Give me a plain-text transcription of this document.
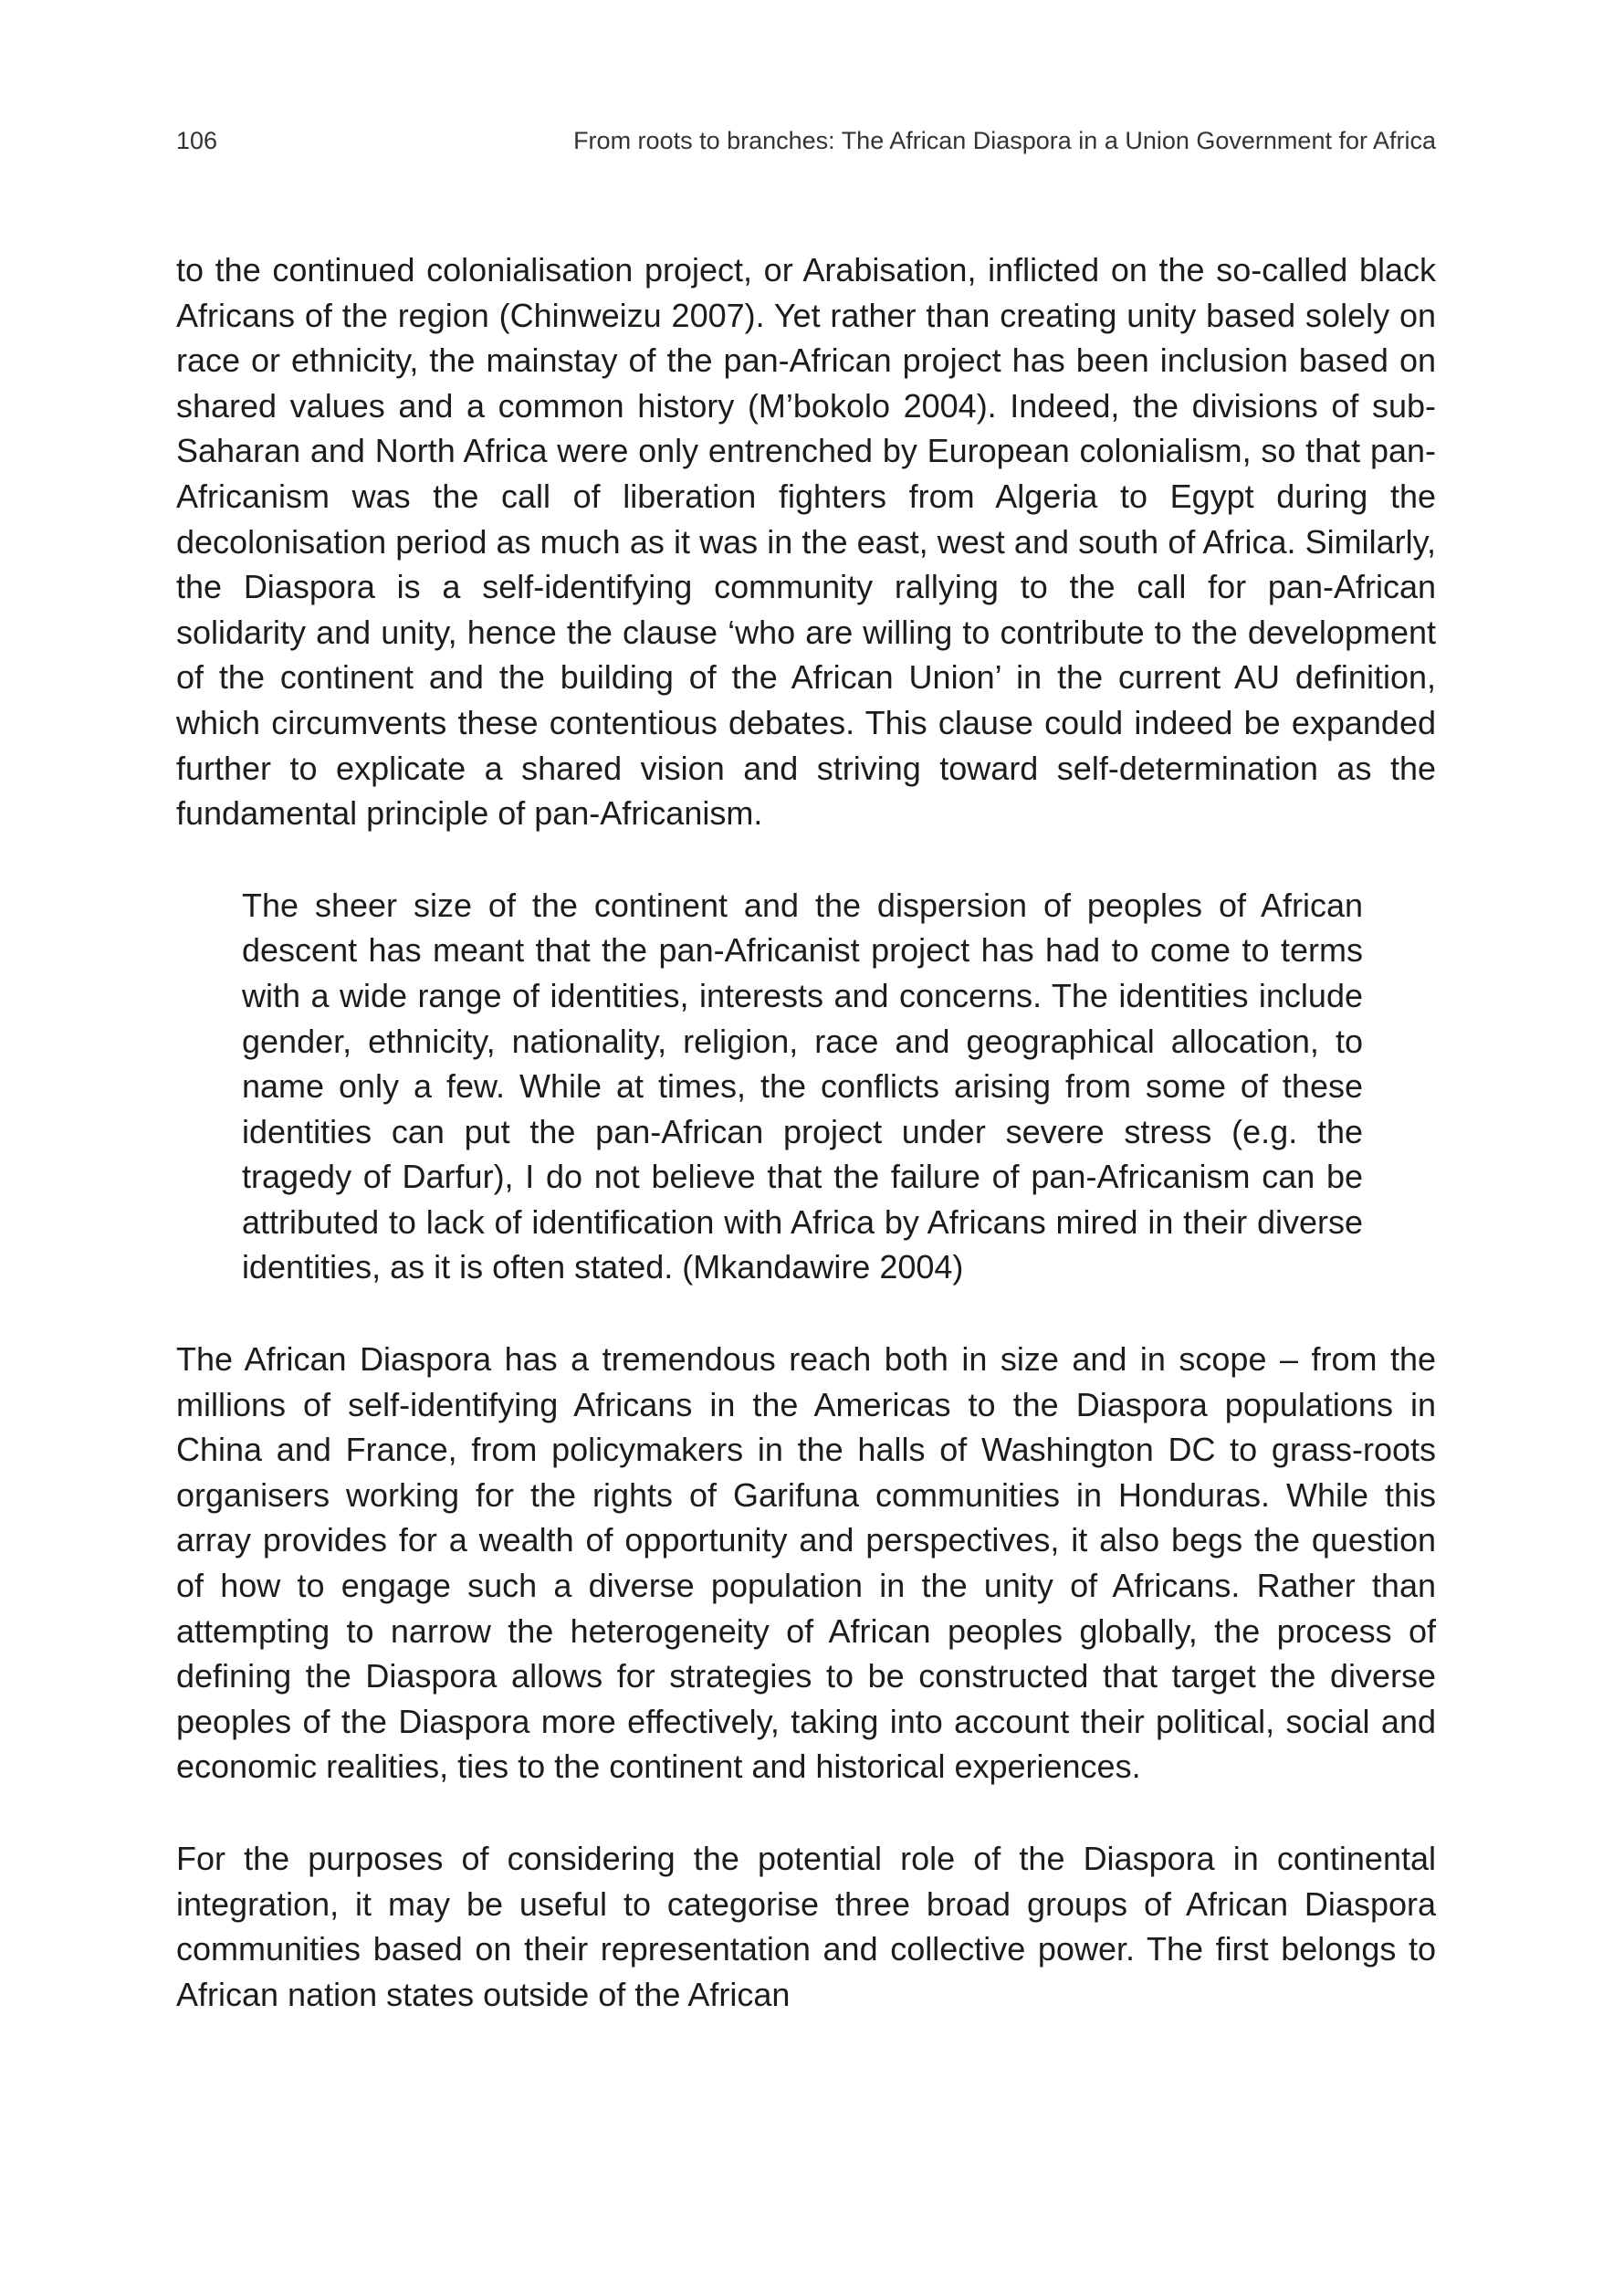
106	From roots to branches: The African Diaspora in a Union Government for Africa

to the continued colonialisation project, or Arabisation, inflicted on the so-called black Africans of the region (Chinweizu 2007). Yet rather than creating unity based solely on race or ethnicity, the mainstay of the pan-African project has been inclusion based on shared values and a common history (M’bokolo 2004). Indeed, the divisions of sub-Saharan and North Africa were only entrenched by European colonialism, so that pan-Africanism was the call of liberation fighters from Algeria to Egypt during the decolonisation period as much as it was in the east, west and south of Africa. Similarly, the Diaspora is a self-identifying community rallying to the call for pan-African solidarity and unity, hence the clause ‘who are willing to contribute to the development of the continent and the building of the African Union’ in the current AU definition, which circumvents these contentious debates. This clause could indeed be expanded further to explicate a shared vision and striving toward self-determination as the fundamental principle of pan-Africanism.

The sheer size of the continent and the dispersion of peoples of African descent has meant that the pan-Africanist project has had to come to terms with a wide range of identities, interests and concerns. The identities include gender, ethnicity, nationality, religion, race and geographical allocation, to name only a few. While at times, the conflicts arising from some of these identities can put the pan-African project under severe stress (e.g. the tragedy of Darfur), I do not believe that the failure of pan-Africanism can be attributed to lack of identification with Africa by Africans mired in their diverse identities, as it is often stated. (Mkandawire 2004)

The African Diaspora has a tremendous reach both in size and in scope – from the millions of self-identifying Africans in the Americas to the Diaspora populations in China and France, from policymakers in the halls of Washington DC to grass-roots organisers working for the rights of Garifuna communities in Honduras. While this array provides for a wealth of opportunity and perspectives, it also begs the question of how to engage such a diverse population in the unity of Africans. Rather than attempting to narrow the heterogeneity of African peoples globally, the process of defining the Diaspora allows for strategies to be constructed that target the diverse peoples of the Diaspora more effectively, taking into account their political, social and economic realities, ties to the continent and historical experiences.

For the purposes of considering the potential role of the Diaspora in continental integration, it may be useful to categorise three broad groups of African Diaspora communities based on their representation and collective power. The first belongs to African nation states outside of the African
